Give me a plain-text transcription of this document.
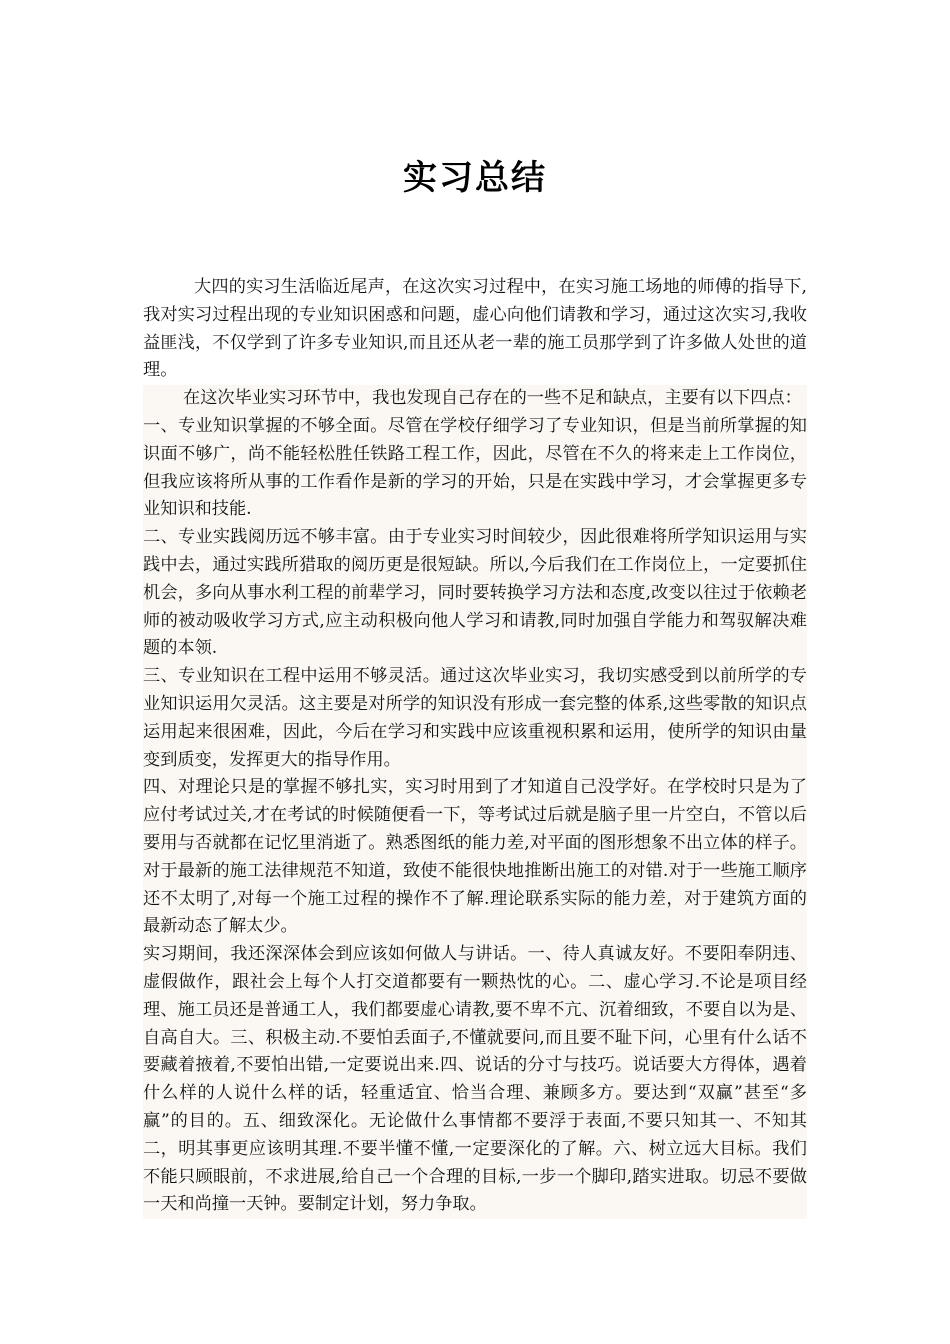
实习总结

大四的实习生活临近尾声，在这次实习过程中，在实习施工场地的师傅的指导下,我对实习过程出现的专业知识困惑和问题，虚心向他们请教和学习，通过这次实习,我收益匪浅，不仅学到了许多专业知识,而且还从老一辈的施工员那学到了许多做人处世的道理。

在这次毕业实习环节中，我也发现自己存在的一些不足和缺点，主要有以下四点：

一、专业知识掌握的不够全面。尽管在学校仔细学习了专业知识，但是当前所掌握的知识面不够广，尚不能轻松胜任铁路工程工作，因此，尽管在不久的将来走上工作岗位，但我应该将所从事的工作看作是新的学习的开始，只是在实践中学习，才会掌握更多专业知识和技能.

二、专业实践阅历远不够丰富。由于专业实习时间较少，因此很难将所学知识运用与实践中去，通过实践所猎取的阅历更是很短缺。所以,今后我们在工作岗位上，一定要抓住机会，多向从事水利工程的前辈学习，同时要转换学习方法和态度,改变以往过于依赖老师的被动吸收学习方式,应主动积极向他人学习和请教,同时加强自学能力和驾驭解决难题的本领.

三、专业知识在工程中运用不够灵活。通过这次毕业实习，我切实感受到以前所学的专业知识运用欠灵活。这主要是对所学的知识没有形成一套完整的体系,这些零散的知识点运用起来很困难，因此，今后在学习和实践中应该重视积累和运用，使所学的知识由量变到质变，发挥更大的指导作用。

四、对理论只是的掌握不够扎实，实习时用到了才知道自己没学好。在学校时只是为了应付考试过关,才在考试的时候随便看一下，等考试过后就是脑子里一片空白，不管以后要用与否就都在记忆里消逝了。熟悉图纸的能力差,对平面的图形想象不出立体的样子。对于最新的施工法律规范不知道，致使不能很快地推断出施工的对错.对于一些施工顺序还不太明了,对每一个施工过程的操作不了解.理论联系实际的能力差，对于建筑方面的最新动态了解太少。

实习期间，我还深深体会到应该如何做人与讲话。一、待人真诚友好。不要阳奉阴违、虚假做作，跟社会上每个人打交道都要有一颗热忱的心。二、虚心学习.不论是项目经理、施工员还是普通工人，我们都要虚心请教,要不卑不亢、沉着细致，不要自以为是、自高自大。三、积极主动.不要怕丢面子,不懂就要问,而且要不耻下问，心里有什么话不要藏着掖着,不要怕出错,一定要说出来.四、说话的分寸与技巧。说话要大方得体，遇着什么样的人说什么样的话，轻重适宜、恰当合理、兼顾多方。要达到“双赢”甚至“多赢”的目的。五、细致深化。无论做什么事情都不要浮于表面,不要只知其一、不知其二，明其事更应该明其理.不要半懂不懂,一定要深化的了解。六、树立远大目标。我们不能只顾眼前，不求进展,给自己一个合理的目标,一步一个脚印,踏实进取。切忌不要做一天和尚撞一天钟。要制定计划，努力争取。
